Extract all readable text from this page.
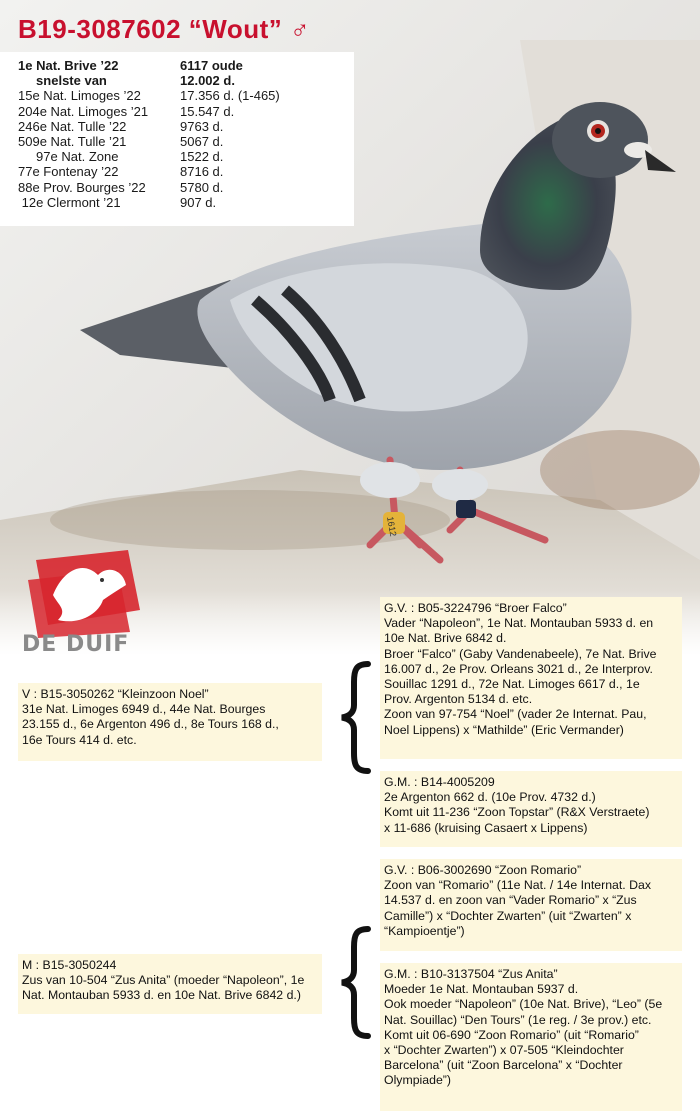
1612
B19-3087602 “Wout” ♂
1e Nat. Brive ’22	6117 oude
snelste van	12.002 d.
15e Nat. Limoges ’22	17.356 d. (1-465)
204e Nat. Limoges ’21 15.547 d.
246e Nat. Tulle ’22	9763 d.
509e Nat. Tulle ’21	5067 d.
97e Nat. Zone	1522 d.
77e Fontenay ’22	8716 d.
88e Prov. Bourges ’22	5780 d.
12e Clermont ’21	907 d.
DE DUIF
G.V. : B05-3224796 “Broer Falco”
Vader “Napoleon”, 1e Nat. Montauban 5933 d. en
10e Nat. Brive 6842 d.
Broer “Falco” (Gaby Vandenabeele), 7e Nat. Brive
16.007 d., 2e Prov. Orleans 3021 d., 2e Interprov.
Souillac 1291 d., 72e Nat. Limoges 6617 d., 1e
Prov. Argenton 5134 d. etc.
Zoon van 97-754 “Noel” (vader 2e Internat. Pau,
Noel Lippens) x “Mathilde” (Eric Vermander)
V : B15-3050262 “Kleinzoon Noel”
31e Nat. Limoges 6949 d., 44e Nat. Bourges
23.155 d., 6e Argenton 496 d., 8e Tours 168 d.,
16e Tours 414 d. etc.
G.M. : B14-4005209
2e Argenton 662 d. (10e Prov. 4732 d.)
Komt uit 11-236 “Zoon Topstar” (R&X Verstraete)
x 11-686 (kruising Casaert x Lippens)
G.V. : B06-3002690 “Zoon Romario”
Zoon van “Romario” (11e Nat. / 14e Internat. Dax
14.537 d. en zoon van “Vader Romario” x “Zus
Camille”) x “Dochter Zwarten” (uit “Zwarten” x
“Kampioentje”)
M : B15-3050244
Zus van 10-504 “Zus Anita” (moeder “Napoleon”, 1e
Nat. Montauban 5933 d. en 10e Nat. Brive 6842 d.)
G.M. : B10-3137504 “Zus Anita”
Moeder 1e Nat. Montauban 5937 d.
Ook moeder “Napoleon” (10e Nat. Brive), “Leo” (5e
Nat. Souillac) “Den Tours” (1e reg. / 3e prov.) etc.
Komt uit 06-690 “Zoon Romario” (uit “Romario”
x “Dochter Zwarten”) x 07-505 “Kleindochter
Barcelona” (uit “Zoon Barcelona” x “Dochter
Olympiade”)
